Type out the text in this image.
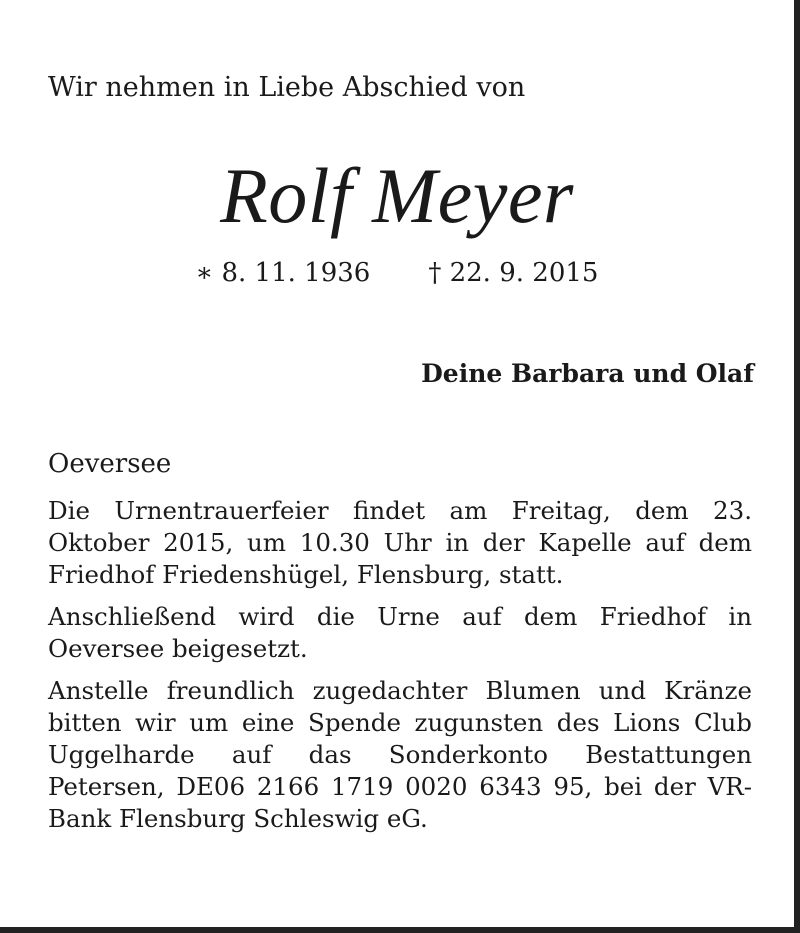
Wir nehmen in Liebe Abschied von
Rolf Meyer
∗ 8. 11. 1936 † 22. 9. 2015
Deine Barbara und Olaf
Oeversee

Die Urnentrauerfeier findet am Freitag, dem 23. Oktober 2015, um 10.30 Uhr in der Kapelle auf dem Friedhof Friedenshügel, Flensburg, statt.

Anschließend wird die Urne auf dem Friedhof in Oeversee beigesetzt.

Anstelle freundlich zugedachter Blumen und Kränze bitten wir um eine Spende zugunsten des Lions Club Uggelharde auf das Sonderkonto Bestattungen Petersen, DE06 2166 1719 0020 6343 95, bei der VR-Bank Flensburg Schleswig eG.
